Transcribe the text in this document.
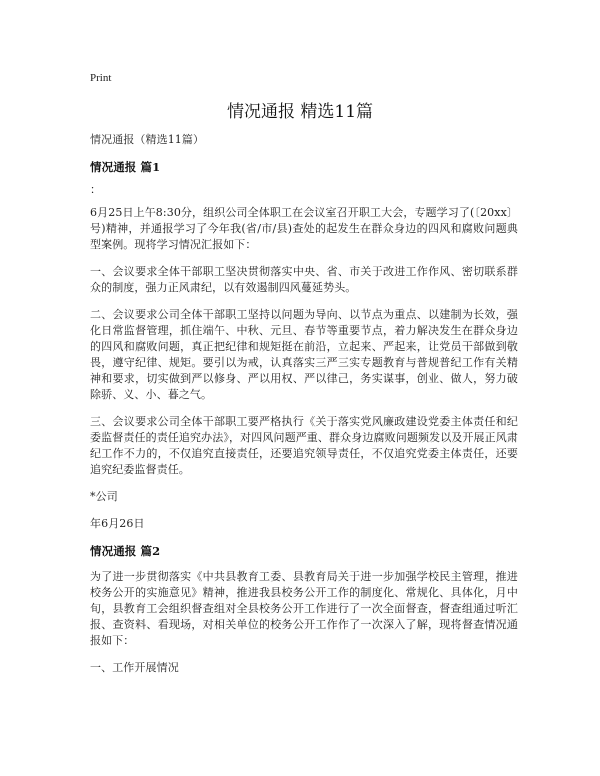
Print
情况通报 精选11篇

情况通报（精选11篇）

情况通报 篇1

：

6月25日上午8:30分，组织公司全体职工在会议室召开职工大会，专题学习了(〔20xx〕号)精神，并通报学习了今年我(省/市/县)查处的起发生在群众身边的四风和腐败问题典型案例。现将学习情况汇报如下：

一、会议要求全体干部职工坚决贯彻落实中央、省、市关于改进工作作风、密切联系群众的制度，强力正风肃纪，以有效遏制四风蔓延势头。

二、会议要求公司全体干部职工坚持以问题为导向、以节点为重点、以建制为长效，强化日常监督管理，抓住端午、中秋、元旦、春节等重要节点，着力解决发生在群众身边的四风和腐败问题，真正把纪律和规矩挺在前沿，立起来、严起来，让党员干部做到敬畏，遵守纪律、规矩。要引以为戒，认真落实三严三实专题教育与普规普纪工作有关精神和要求，切实做到严以修身、严以用权、严以律己，务实谋事，创业、做人，努力破除骄、义、小、暮之气。

三、会议要求公司全体干部职工要严格执行《关于落实党风廉政建设党委主体责任和纪委监督责任的责任追究办法》，对四风问题严重、群众身边腐败问题频发以及开展正风肃纪工作不力的，不仅追究直接责任，还要追究领导责任，不仅追究党委主体责任，还要追究纪委监督责任。

*公司

年6月26日

情况通报 篇2

为了进一步贯彻落实《中共县教育工委、县教育局关于进一步加强学校民主管理，推进校务公开的实施意见》精神，推进我县校务公开工作的制度化、常规化、具体化，月中旬，县教育工会组织督查组对全县校务公开工作进行了一次全面督查，督查组通过听汇报、查资料、看现场，对相关单位的校务公开工作作了一次深入了解，现将督查情况通报如下：

一、工作开展情况
